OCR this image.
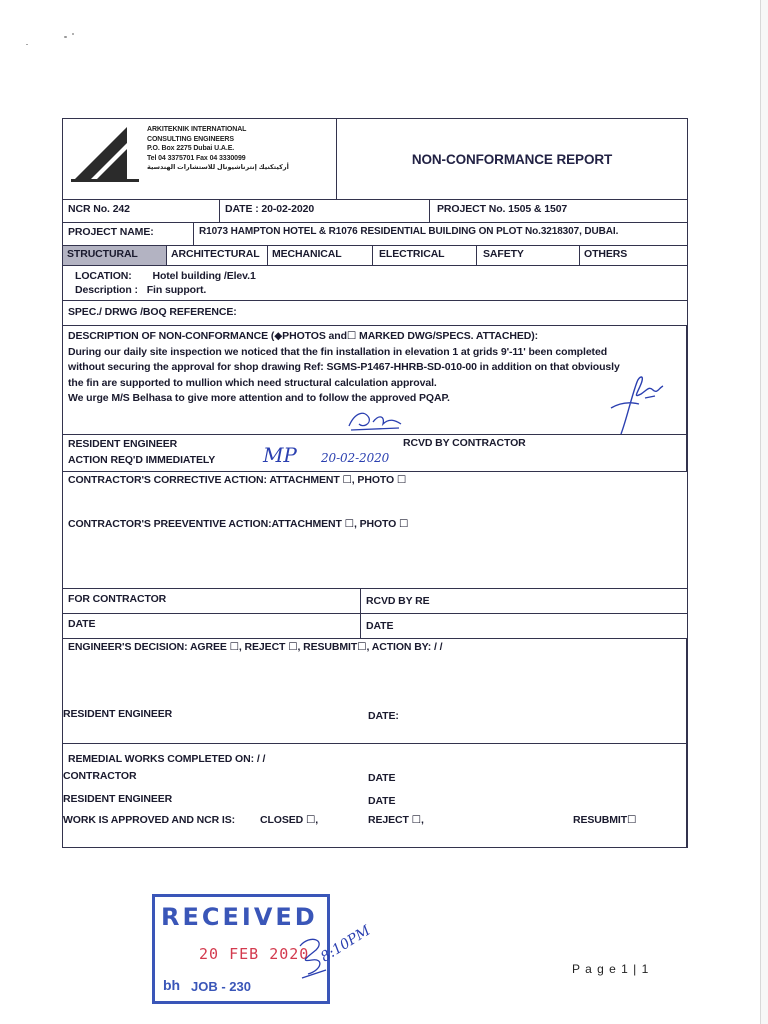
ARKITEKNIK INTERNATIONAL
CONSULTING ENGINEERS
P.O. Box 2275 Dubai U.A.E.
Tel 04 3375701 Fax 04 3330099
أركيتكنيك إنترناشيونال للاستشارات الهندسية
NON-CONFORMANCE REPORT
NCR No. 242	DATE : 20-02-2020	PROJECT No. 1505 & 1507
PROJECT NAME:	R1073 HAMPTON HOTEL & R1076 RESIDENTIAL BUILDING ON PLOT No.3218307, DUBAI.
STRUCTURAL	ARCHITECTURAL	MECHANICAL	ELECTRICAL	SAFETY	OTHERS
LOCATION: Hotel building /Elev.1
Description : Fin support.
SPEC./ DRWG /BOQ REFERENCE:
DESCRIPTION OF NON-CONFORMANCE (◆PHOTOS and☐ MARKED DWG/SPECS. ATTACHED):
During our daily site inspection we noticed that the fin installation in elevation 1 at grids 9'-11' been completed
without securing the approval for shop drawing Ref: SGMS-P1467-HHRB-SD-010-00 in addition on that obviously
the fin are supported to mullion which need structural calculation approval.
We urge M/S Belhasa to give more attention and to follow the approved PQAP.
RESIDENT ENGINEER
ACTION REQ'D IMMEDIATELY
RCVD BY CONTRACTOR
MP 20-02-2020
CONTRACTOR'S CORRECTIVE ACTION: ATTACHMENT ☐, PHOTO ☐
CONTRACTOR'S PREEVENTIVE ACTION:ATTACHMENT ☐, PHOTO ☐
FOR CONTRACTOR	RCVD BY RE
DATE	DATE
ENGINEER'S DECISION: AGREE ☐, REJECT ☐, RESUBMIT☐, ACTION BY: / /
RESIDENT ENGINEER	DATE:
REMEDIAL WORKS COMPLETED ON: / /
CONTRACTOR	DATE
RESIDENT ENGINEER	DATE
WORK IS APPROVED AND NCR IS: CLOSED ☐,	REJECT ☐,	RESUBMIT☐
RECEIVED
20 FEB 2020
bh JOB - 230
8:10PM
P a g e 1 | 1
